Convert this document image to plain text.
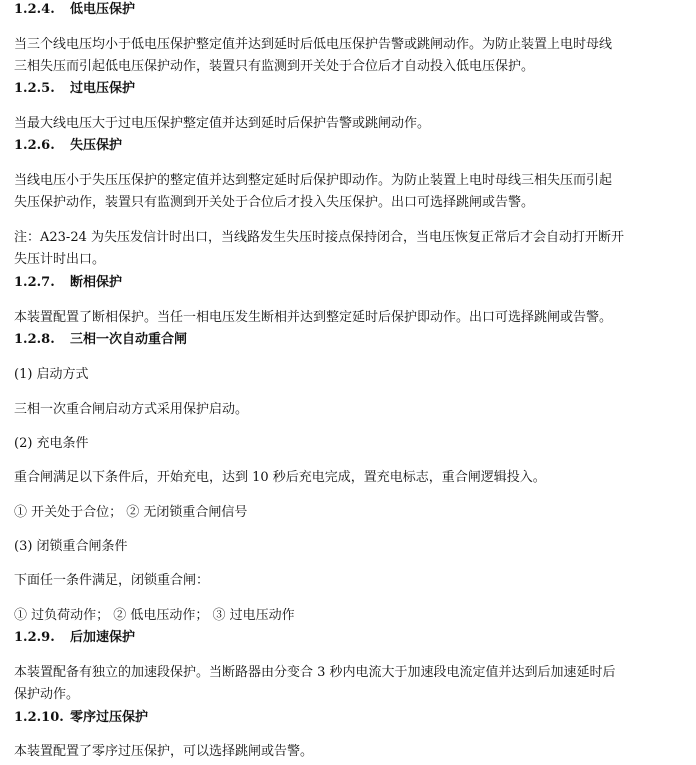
1.2.4. 低电压保护
当三个线电压均小于低电压保护整定值并达到延时后低电压保护告警或跳闸动作。为防止装置上电时母线
三相失压而引起低电压保护动作，装置只有监测到开关处于合位后才自动投入低电压保护。
1.2.5. 过电压保护
当最大线电压大于过电压保护整定值并达到延时后保护告警或跳闸动作。
1.2.6. 失压保护
当线电压小于失压压保护的整定值并达到整定延时后保护即动作。为防止装置上电时母线三相失压而引起
失压保护动作，装置只有监测到开关处于合位后才投入失压保护。出口可选择跳闸或告警。
注：A23-24 为失压发信计时出口，当线路发生失压时接点保持闭合，当电压恢复正常后才会自动打开断开
失压计时出口。
1.2.7. 断相保护
本装置配置了断相保护。当任一相电压发生断相并达到整定延时后保护即动作。出口可选择跳闸或告警。
1.2.8. 三相一次自动重合闸
(1) 启动方式
三相一次重合闸启动方式采用保护启动。
(2) 充电条件
重合闸满足以下条件后，开始充电，达到 10 秒后充电完成，置充电标志，重合闸逻辑投入。
① 开关处于合位； ② 无闭锁重合闸信号
(3) 闭锁重合闸条件
下面任一条件满足，闭锁重合闸：
① 过负荷动作； ② 低电压动作； ③ 过电压动作
1.2.9. 后加速保护
本装置配备有独立的加速段保护。当断路器由分变合 3 秒内电流大于加速段电流定值并达到后加速延时后
保护动作。
1.2.10. 零序过压保护
本装置配置了零序过压保护，可以选择跳闸或告警。
